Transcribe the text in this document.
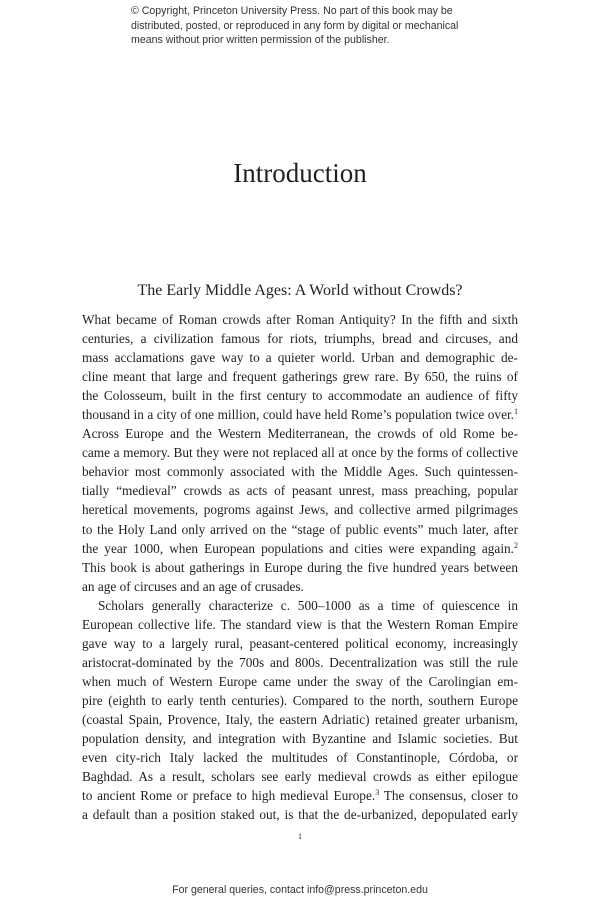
© Copyright, Princeton University Press. No part of this book may be
distributed, posted, or reproduced in any form by digital or mechanical
means without prior written permission of the publisher.
Introduction
The Early Middle Ages: A World without Crowds?
What became of Roman crowds after Roman Antiquity? In the fifth and sixth
centuries, a civilization famous for riots, triumphs, bread and circuses, and
mass acclamations gave way to a quieter world. Urban and demographic de-
cline meant that large and frequent gatherings grew rare. By 650, the ruins of
the Colosseum, built in the first century to accommodate an audience of fifty
thousand in a city of one million, could have held Rome’s population twice over.$^1$
Across Europe and the Western Mediterranean, the crowds of old Rome be-
came a memory. But they were not replaced all at once by the forms of collective
behavior most commonly associated with the Middle Ages. Such quintessen-
tially “medieval” crowds as acts of peasant unrest, mass preaching, popular
heretical movements, pogroms against Jews, and collective armed pilgrimages
to the Holy Land only arrived on the “stage of public events” much later, after
the year 1000, when European populations and cities were expanding again.$^2$
This book is about gatherings in Europe during the five hundred years between
an age of circuses and an age of crusades.
Scholars generally characterize c. 500–1000 as a time of quiescence in
European collective life. The standard view is that the Western Roman Empire
gave way to a largely rural, peasant-centered political economy, increasingly
aristocrat-dominated by the 700s and 800s. Decentralization was still the rule
when much of Western Europe came under the sway of the Carolingian em-
pire (eighth to early tenth centuries). Compared to the north, southern Europe
(coastal Spain, Provence, Italy, the eastern Adriatic) retained greater urbanism,
population density, and integration with Byzantine and Islamic societies. But
even city-rich Italy lacked the multitudes of Constantinople, Córdoba, or
Baghdad. As a result, scholars see early medieval crowds as either epilogue
to ancient Rome or preface to high medieval Europe.$^3$ The consensus, closer to
a default than a position staked out, is that the de-urbanized, depopulated early
1
For general queries, contact info@press.princeton.edu
